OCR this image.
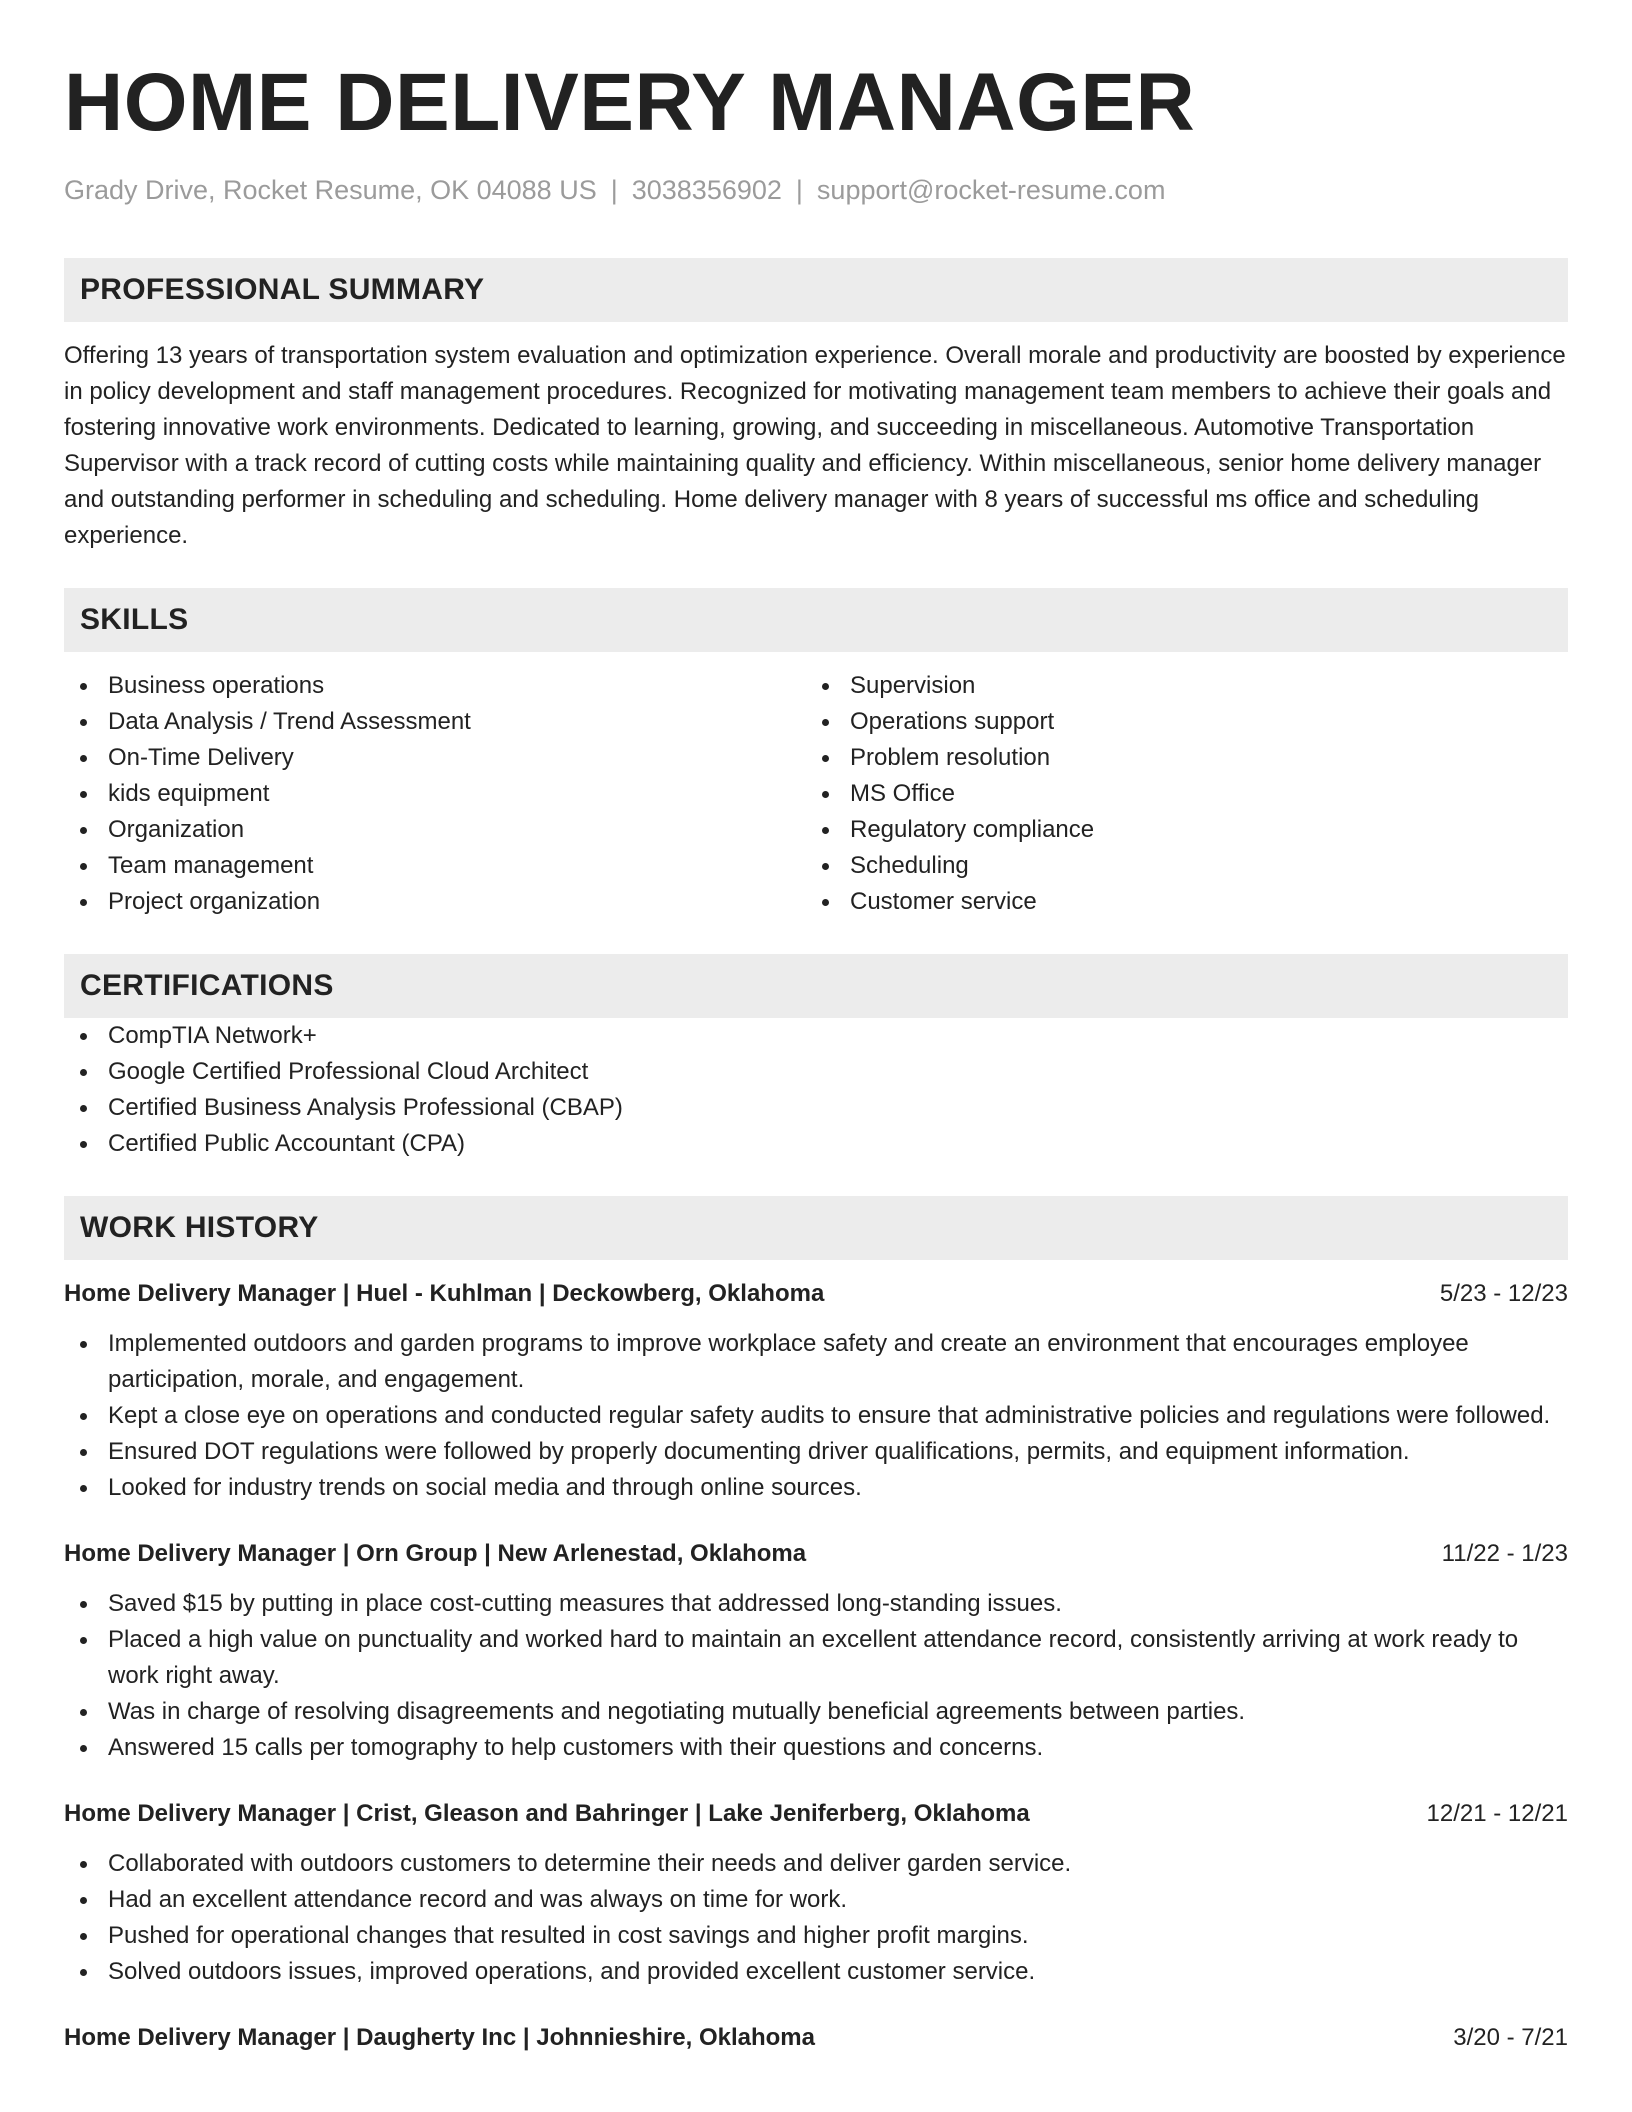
HOME DELIVERY MANAGER
Grady Drive, Rocket Resume, OK 04088 US | 3038356902 | support@rocket-resume.com
PROFESSIONAL SUMMARY

Offering 13 years of transportation system evaluation and optimization experience. Overall morale and productivity are boosted by experience in policy development and staff management procedures. Recognized for motivating management team members to achieve their goals and fostering innovative work environments. Dedicated to learning, growing, and succeeding in miscellaneous. Automotive Transportation Supervisor with a track record of cutting costs while maintaining quality and efficiency. Within miscellaneous, senior home delivery manager and outstanding performer in scheduling and scheduling. Home delivery manager with 8 years of successful ms office and scheduling experience.

SKILLS
Business operations
Data Analysis / Trend Assessment
On-Time Delivery
kids equipment
Organization
Team management
Project organization
Supervision
Operations support
Problem resolution
MS Office
Regulatory compliance
Scheduling
Customer service
CERTIFICATIONS
CompTIA Network+
Google Certified Professional Cloud Architect
Certified Business Analysis Professional (CBAP)
Certified Public Accountant (CPA)
WORK HISTORY
Home Delivery Manager | Huel - Kuhlman | Deckowberg, Oklahoma	5/23 - 12/23
Implemented outdoors and garden programs to improve workplace safety and create an environment that encourages employee participation, morale, and engagement.
Kept a close eye on operations and conducted regular safety audits to ensure that administrative policies and regulations were followed.
Ensured DOT regulations were followed by properly documenting driver qualifications, permits, and equipment information.
Looked for industry trends on social media and through online sources.
Home Delivery Manager | Orn Group | New Arlenestad, Oklahoma	11/22 - 1/23
Saved $15 by putting in place cost-cutting measures that addressed long-standing issues.
Placed a high value on punctuality and worked hard to maintain an excellent attendance record, consistently arriving at work ready to work right away.
Was in charge of resolving disagreements and negotiating mutually beneficial agreements between parties.
Answered 15 calls per tomography to help customers with their questions and concerns.
Home Delivery Manager | Crist, Gleason and Bahringer | Lake Jeniferberg, Oklahoma	12/21 - 12/21
Collaborated with outdoors customers to determine their needs and deliver garden service.
Had an excellent attendance record and was always on time for work.
Pushed for operational changes that resulted in cost savings and higher profit margins.
Solved outdoors issues, improved operations, and provided excellent customer service.
Home Delivery Manager | Daugherty Inc | Johnnieshire, Oklahoma	3/20 - 7/21
